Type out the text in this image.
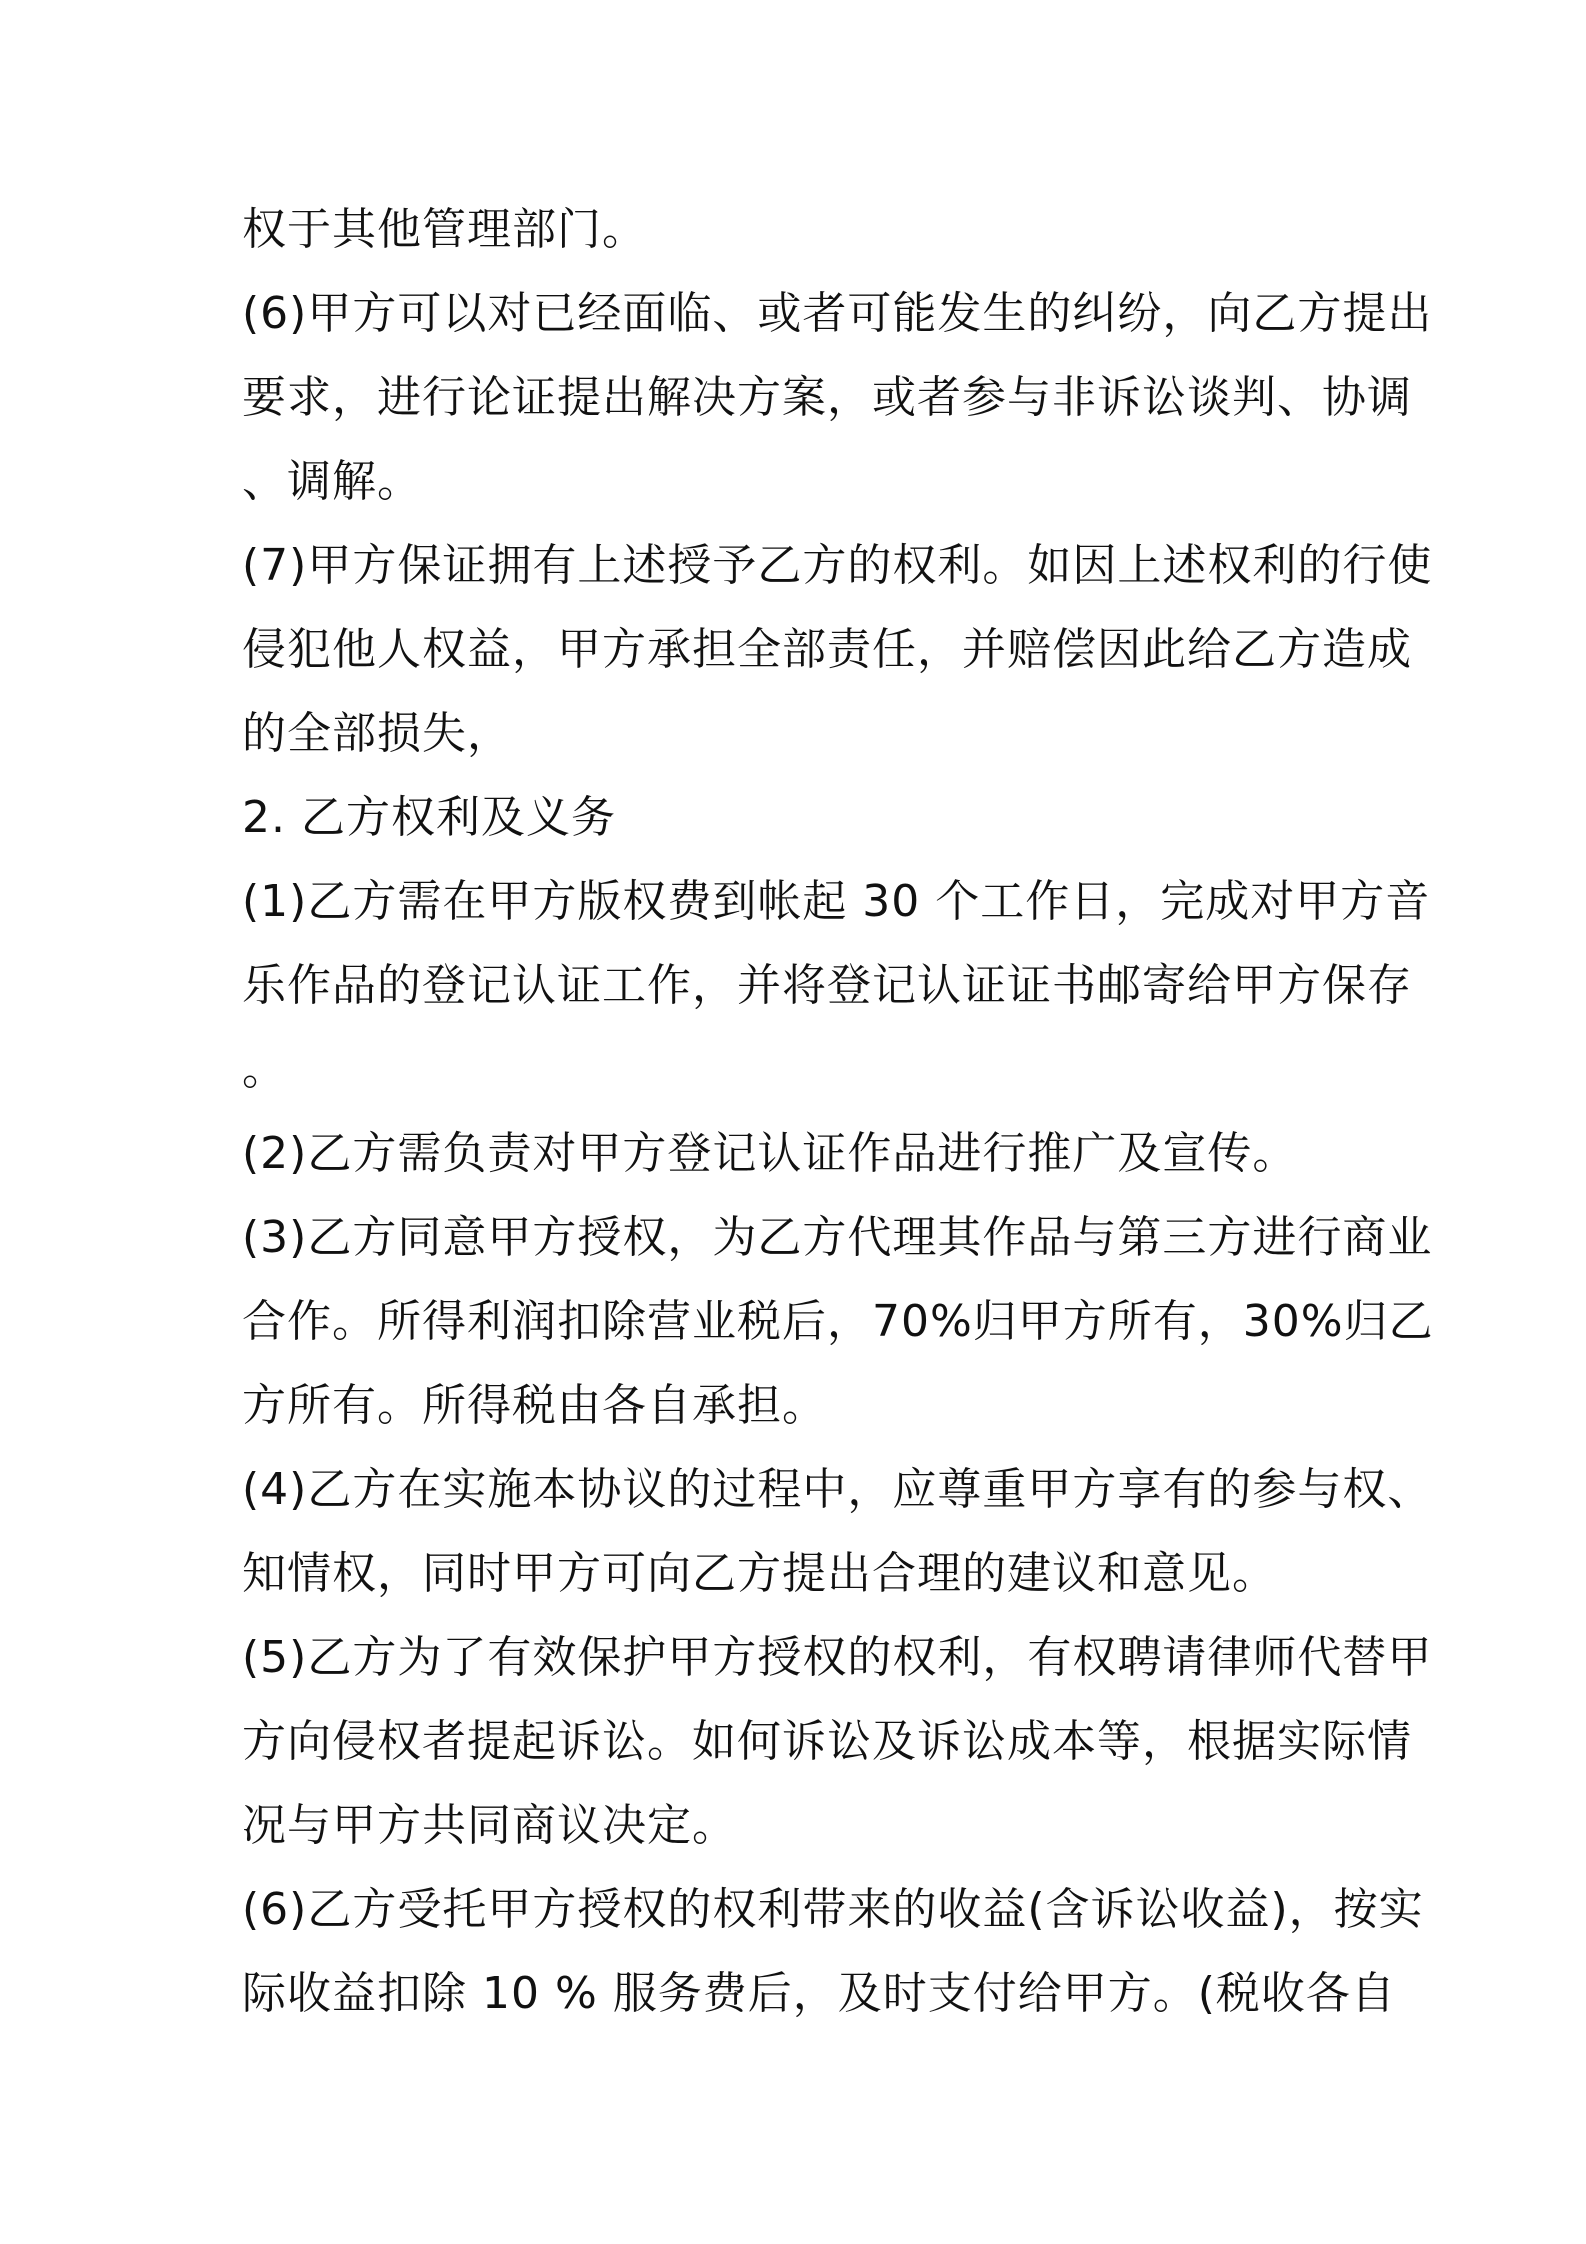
权于其他管理部门。
(6)甲方可以对已经面临、或者可能发生的纠纷，向乙方提出
要求，进行论证提出解决方案，或者参与非诉讼谈判、协调
、调解。
(7)甲方保证拥有上述授予乙方的权利。如因上述权利的行使
侵犯他人权益，甲方承担全部责任，并赔偿因此给乙方造成
的全部损失，
2. 乙方权利及义务
(1)乙方需在甲方版权费到帐起 30 个工作日，完成对甲方音
乐作品的登记认证工作，并将登记认证证书邮寄给甲方保存
。
(2)乙方需负责对甲方登记认证作品进行推广及宣传。
(3)乙方同意甲方授权，为乙方代理其作品与第三方进行商业
合作。所得利润扣除营业税后，70%归甲方所有，30%归乙
方所有。所得税由各自承担。
(4)乙方在实施本协议的过程中，应尊重甲方享有的参与权、
知情权，同时甲方可向乙方提出合理的建议和意见。
(5)乙方为了有效保护甲方授权的权利，有权聘请律师代替甲
方向侵权者提起诉讼。如何诉讼及诉讼成本等，根据实际情
况与甲方共同商议决定。
(6)乙方受托甲方授权的权利带来的收益(含诉讼收益)，按实
际收益扣除 10 % 服务费后，及时支付给甲方。(税收各自
